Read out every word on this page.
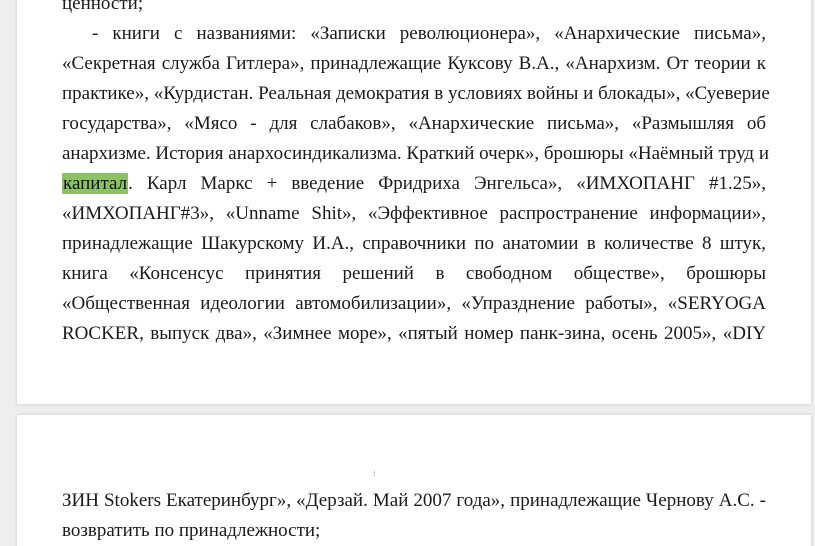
ценности;
- книги с названиями: «Записки революционера», «Анархические письма»,
«Секретная служба Гитлера», принадлежащие Куксову В.А., «Анархизм. От теории к
практике», «Курдистан. Реальная демократия в условиях войны и блокады», «Суеверие
государства», «Мясо - для слабаков», «Анархические письма», «Размышляя об
анархизме. История анархосиндикализма. Краткий очерк», брошюры «Наёмный труд и
капитал. Карл Маркс + введение Фридриха Энгельса», «ИМХОПАНГ #1.25»,
«ИМХОПАНГ#3», «Unname Shit», «Эффективное распространение информации»,
принадлежащие Шакурскому И.А., справочники по анатомии в количестве 8 штук,
книга «Консенсус принятия решений в свободном обществе», брошюры
«Общественная идеологии автомобилизации», «Упразднение работы», «SERYOGA
ROCKER, выпуск два», «Зимнее море», «пятый номер панк-зина, осень 2005», «DIY
⁞
ЗИН Stokers Екатеринбург», «Дерзай. Май 2007 года», принадлежащие Чернову А.С. -
возвратить по принадлежности;
